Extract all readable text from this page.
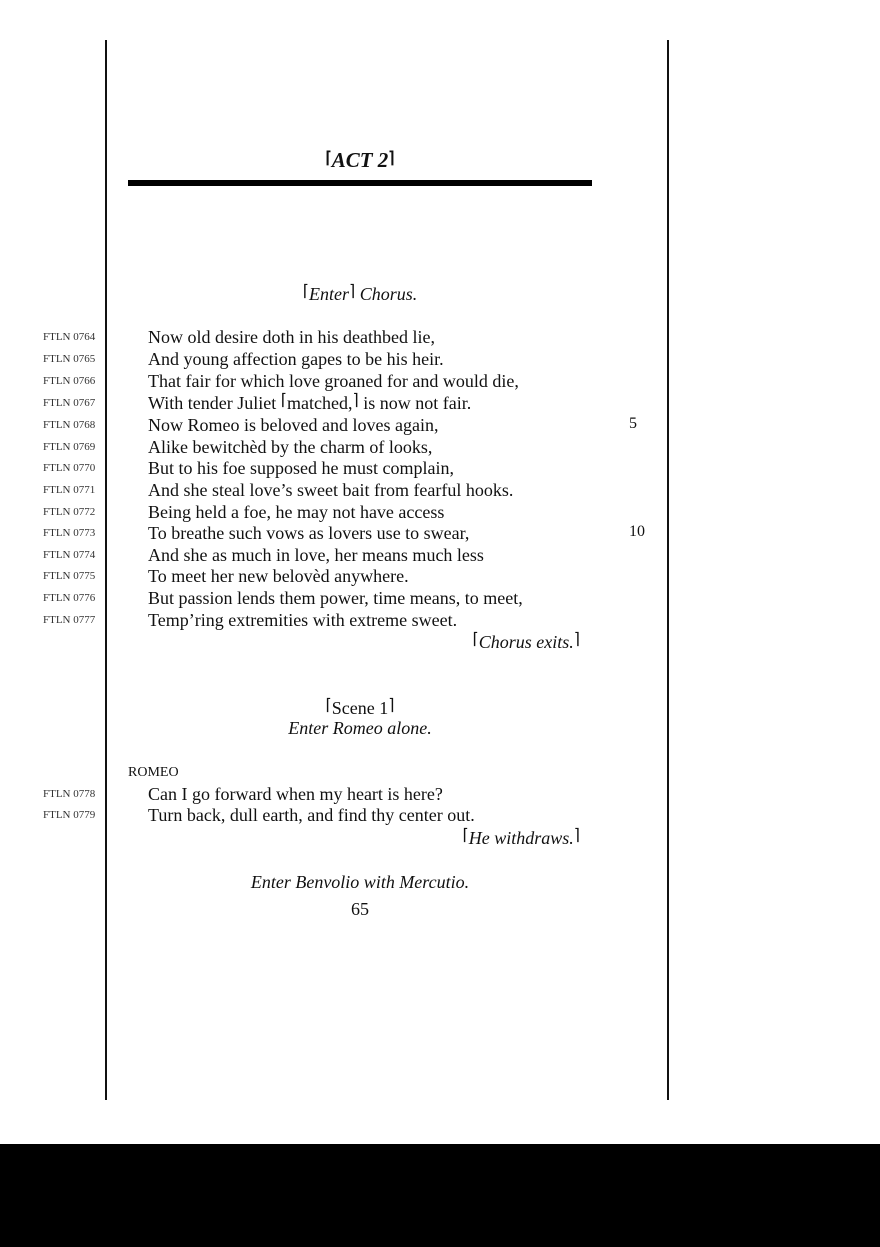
⌈ACT 2⌉
⌈Enter⌉ Chorus.
FTLN 0764	Now old desire doth in his deathbed lie,
FTLN 0765	And young affection gapes to be his heir.
FTLN 0766	That fair for which love groaned for and would die,
FTLN 0767	With tender Juliet ⌈matched,⌉ is now not fair.
FTLN 0768	Now Romeo is beloved and loves again,	5
FTLN 0769	Alike bewitchèd by the charm of looks,
FTLN 0770	But to his foe supposed he must complain,
FTLN 0771	And she steal love’s sweet bait from fearful hooks.
FTLN 0772	Being held a foe, he may not have access
FTLN 0773	To breathe such vows as lovers use to swear,	10
FTLN 0774	And she as much in love, her means much less
FTLN 0775	To meet her new belovèd anywhere.
FTLN 0776	But passion lends them power, time means, to meet,
FTLN 0777	Temp’ring extremities with extreme sweet.
⌈Chorus exits.⌉
⌈Scene 1⌉
Enter Romeo alone.
ROMEO
FTLN 0778	Can I go forward when my heart is here?
FTLN 0779	Turn back, dull earth, and find thy center out.
⌈He withdraws.⌉
Enter Benvolio with Mercutio.
65
